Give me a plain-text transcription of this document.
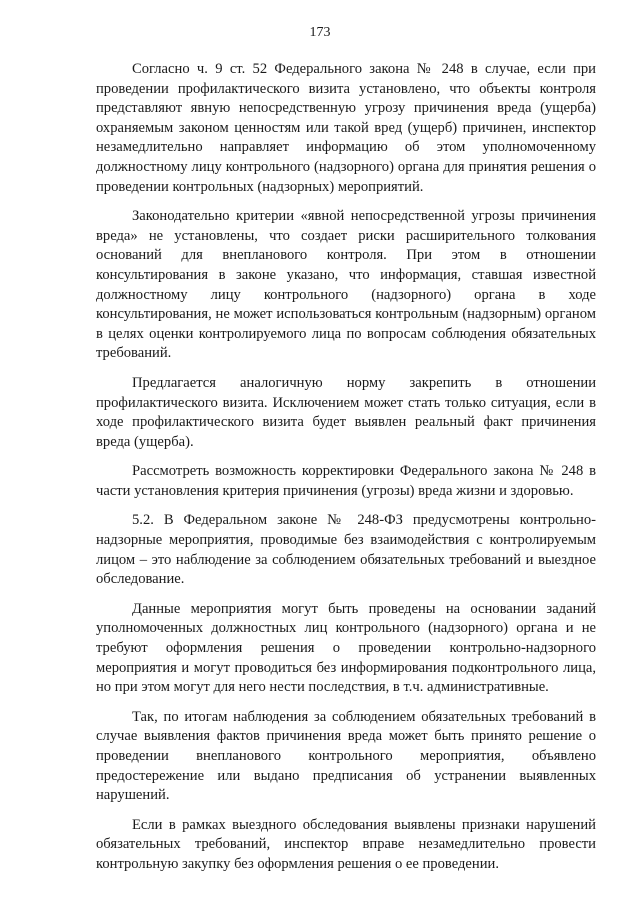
173

Согласно ч. 9 ст. 52 Федерального закона № 248 в случае, если при проведении профилактического визита установлено, что объекты контроля представляют явную непосредственную угрозу причинения вреда (ущерба) охраняемым законом ценностям или такой вред (ущерб) причинен, инспектор незамедлительно направляет информацию об этом уполномоченному должностному лицу контрольного (надзорного) органа для принятия решения о проведении контрольных (надзорных) мероприятий.

Законодательно критерии «явной непосредственной угрозы причинения вреда» не установлены, что создает риски расширительного толкования оснований для внепланового контроля. При этом в отношении консультирования в законе указано, что информация, ставшая известной должностному лицу контрольного (надзорного) органа в ходе консультирования, не может использоваться контрольным (надзорным) органом в целях оценки контролируемого лица по вопросам соблюдения обязательных требований.

Предлагается аналогичную норму закрепить в отношении профилактического визита. Исключением может стать только ситуация, если в ходе профилактического визита будет выявлен реальный факт причинения вреда (ущерба).

Рассмотреть возможность корректировки Федерального закона № 248 в части установления критерия причинения (угрозы) вреда жизни и здоровью.

5.2. В Федеральном законе № 248-ФЗ предусмотрены контрольно-надзорные мероприятия, проводимые без взаимодействия с контролируемым лицом – это наблюдение за соблюдением обязательных требований и выездное обследование.

Данные мероприятия могут быть проведены на основании заданий уполномоченных должностных лиц контрольного (надзорного) органа и не требуют оформления решения о проведении контрольно-надзорного мероприятия и могут проводиться без информирования подконтрольного лица, но при этом могут для него нести последствия, в т.ч. административные.

Так, по итогам наблюдения за соблюдением обязательных требований в случае выявления фактов причинения вреда может быть принято решение о проведении внепланового контрольного мероприятия, объявлено предостережение или выдано предписания об устранении выявленных нарушений.

Если в рамках выездного обследования выявлены признаки нарушений обязательных требований, инспектор вправе незамедлительно провести контрольную закупку без оформления решения о ее проведении.
